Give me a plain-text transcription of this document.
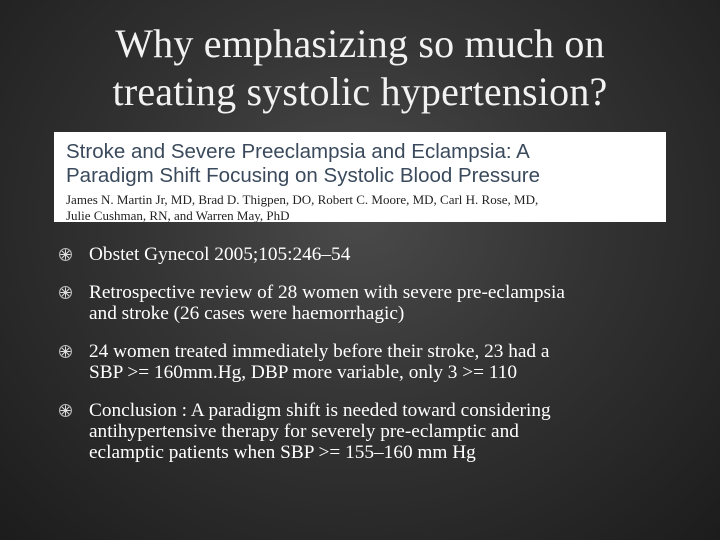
Why emphasizing so much on
treating systolic hypertension?
Stroke and Severe Preeclampsia and Eclampsia: A
Paradigm Shift Focusing on Systolic Blood Pressure
James N. Martin Jr, MD, Brad D. Thigpen, DO, Robert C. Moore, MD, Carl H. Rose, MD,
Julie Cushman, RN, and Warren May, PhD
Obstet Gynecol 2005;105:246–54
Retrospective review of 28 women with severe pre-eclampsia
and stroke (26 cases were haemorrhagic)
24 women treated immediately before their stroke, 23 had a
SBP >= 160mm.Hg, DBP more variable, only 3 >= 110
Conclusion : A paradigm shift is needed toward considering
antihypertensive therapy for severely pre-eclamptic and
eclamptic patients when SBP >= 155–160 mm Hg
